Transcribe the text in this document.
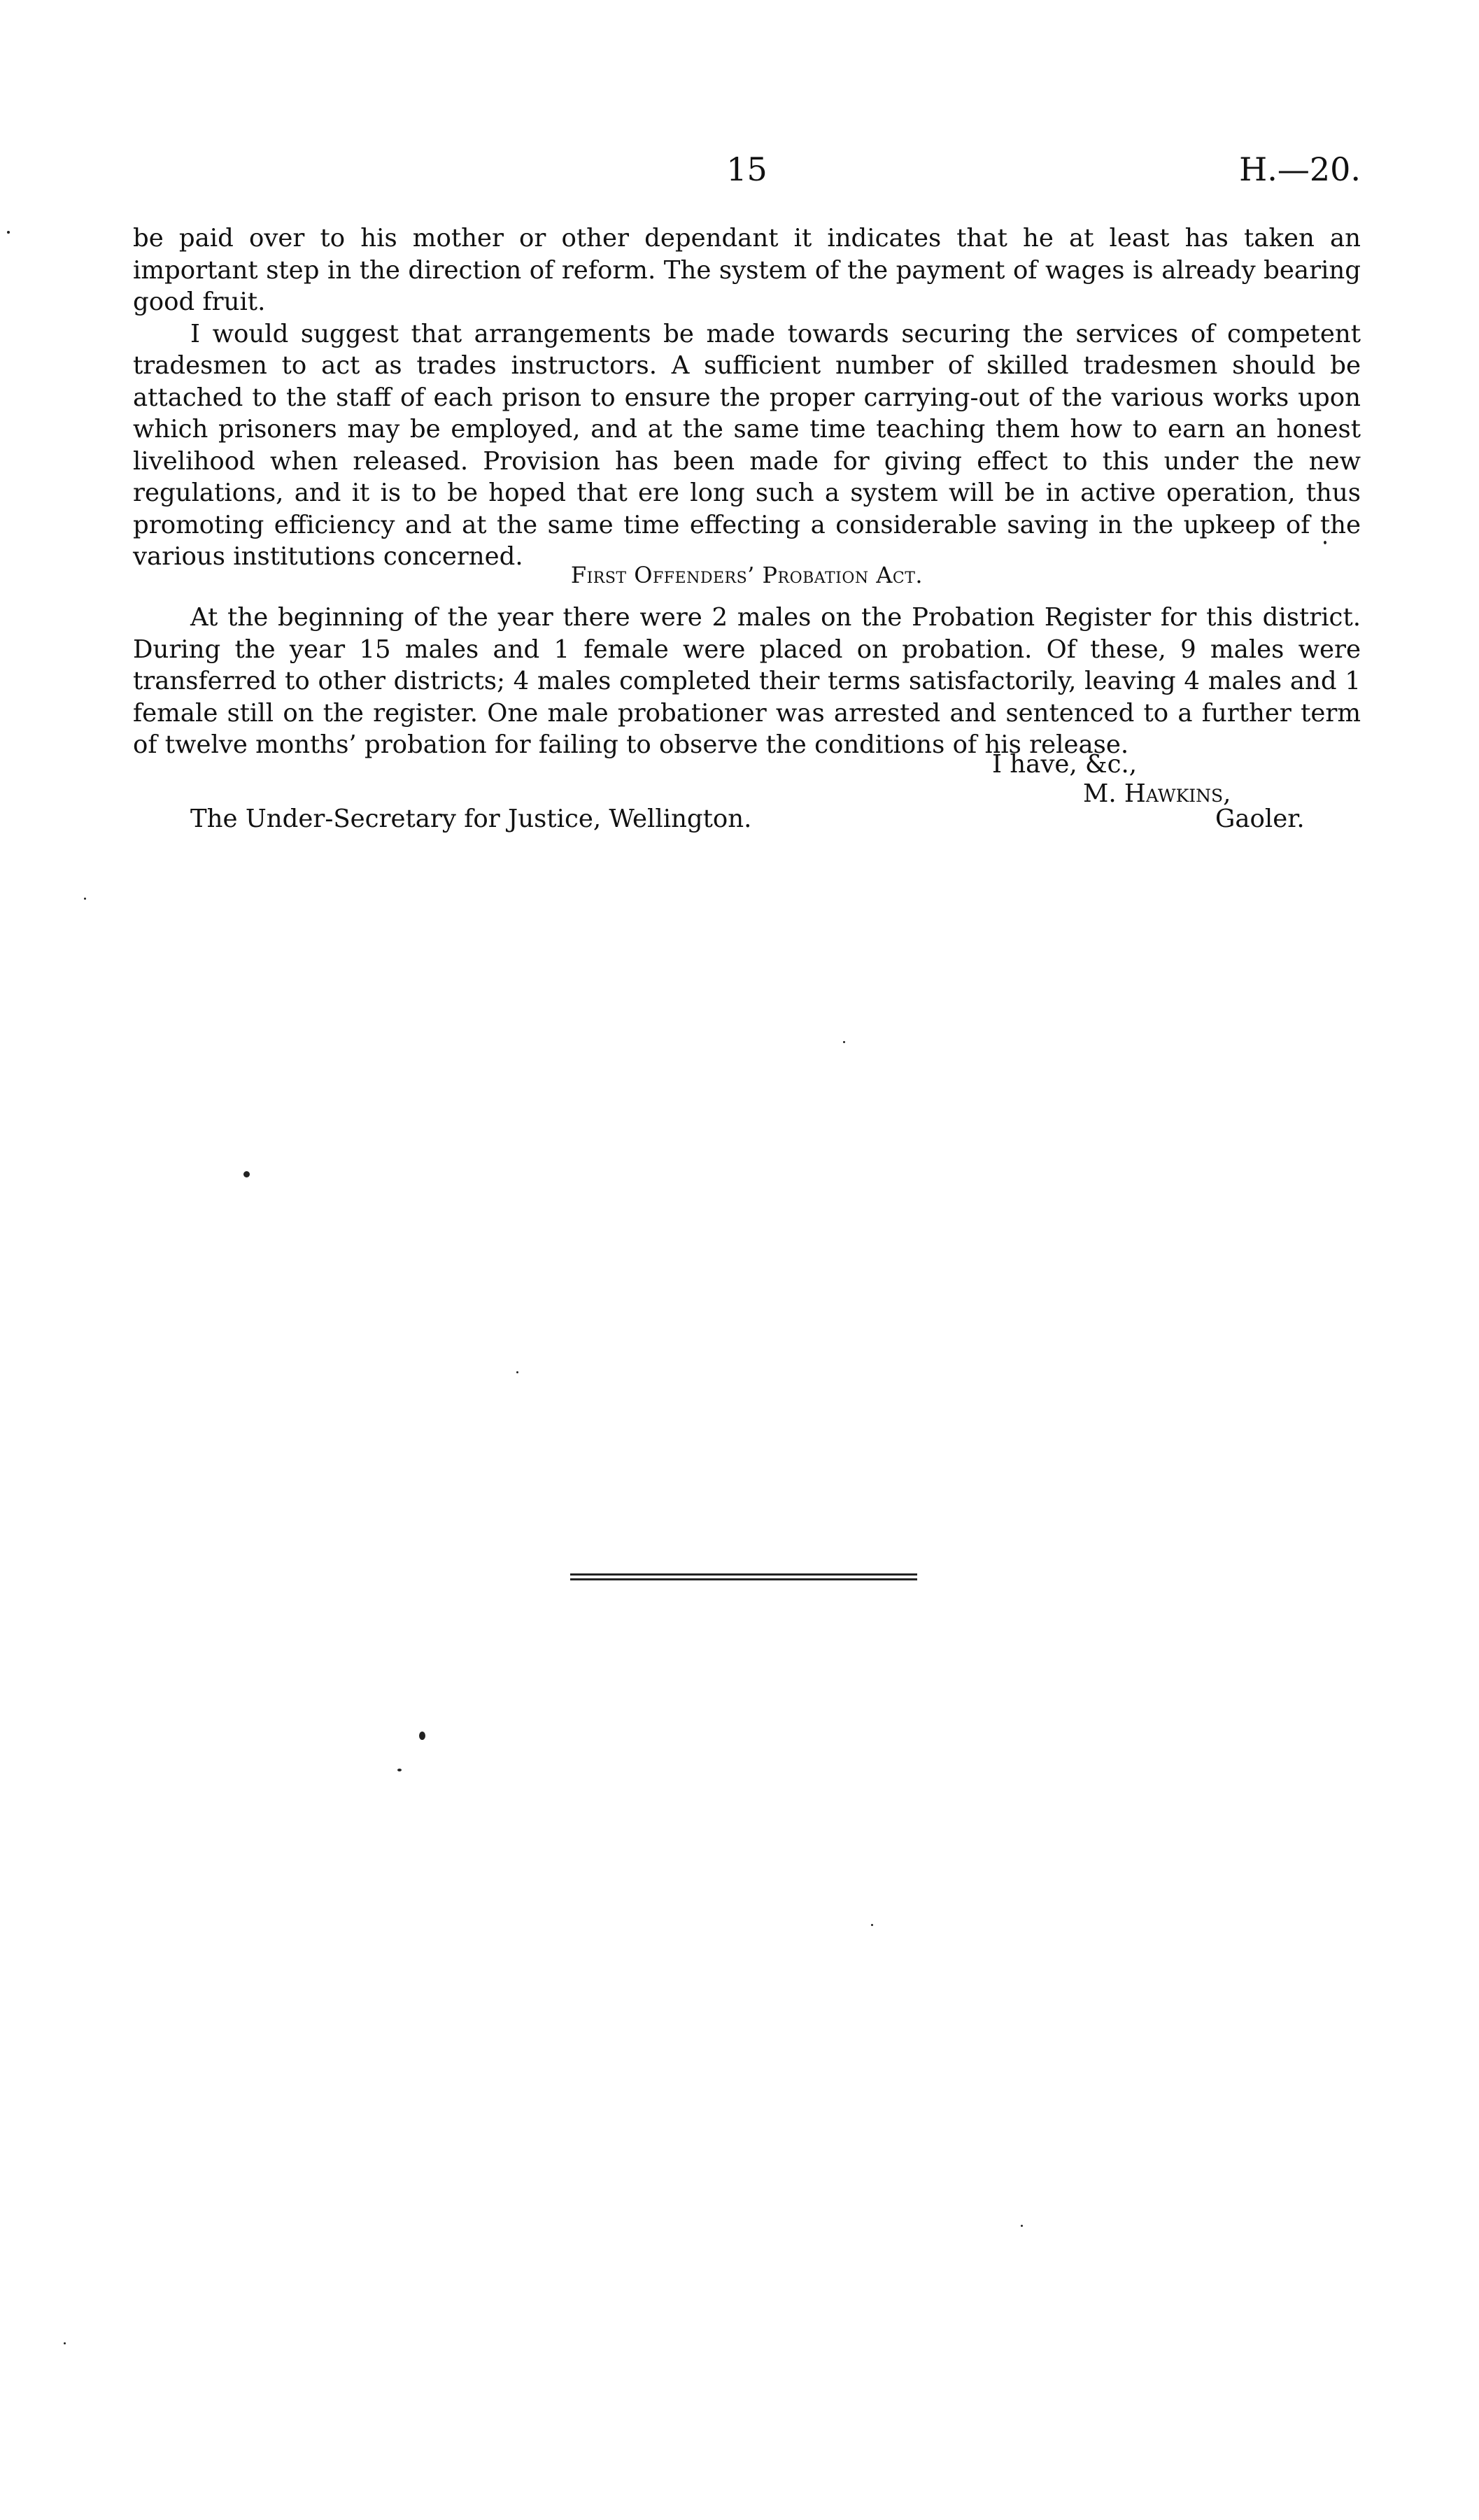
15	H.—20.

be paid over to his mother or other dependant it indicates that he at least has taken an important step in the direction of reform. The system of the payment of wages is already bearing good fruit.

I would suggest that arrangements be made towards securing the services of competent tradesmen to act as trades instructors. A sufficient number of skilled tradesmen should be attached to the staff of each prison to ensure the proper carrying-out of the various works upon which prisoners may be employed, and at the same time teaching them how to earn an honest livelihood when released. Provision has been made for giving effect to this under the new regulations, and it is to be hoped that ere long such a system will be in active operation, thus promoting efficiency and at the same time effecting a considerable saving in the upkeep of the various institutions concerned.

First Offenders’ Probation Act.

At the beginning of the year there were 2 males on the Probation Register for this district. During the year 15 males and 1 female were placed on probation. Of these, 9 males were transferred to other districts; 4 males completed their terms satisfactorily, leaving 4 males and 1 female still on the register. One male probationer was arrested and sentenced to a further term of twelve months’ probation for failing to observe the conditions of his release.

I have, &c.,
M. Hawkins,
The Under-Secretary for Justice, Wellington.	Gaoler.
